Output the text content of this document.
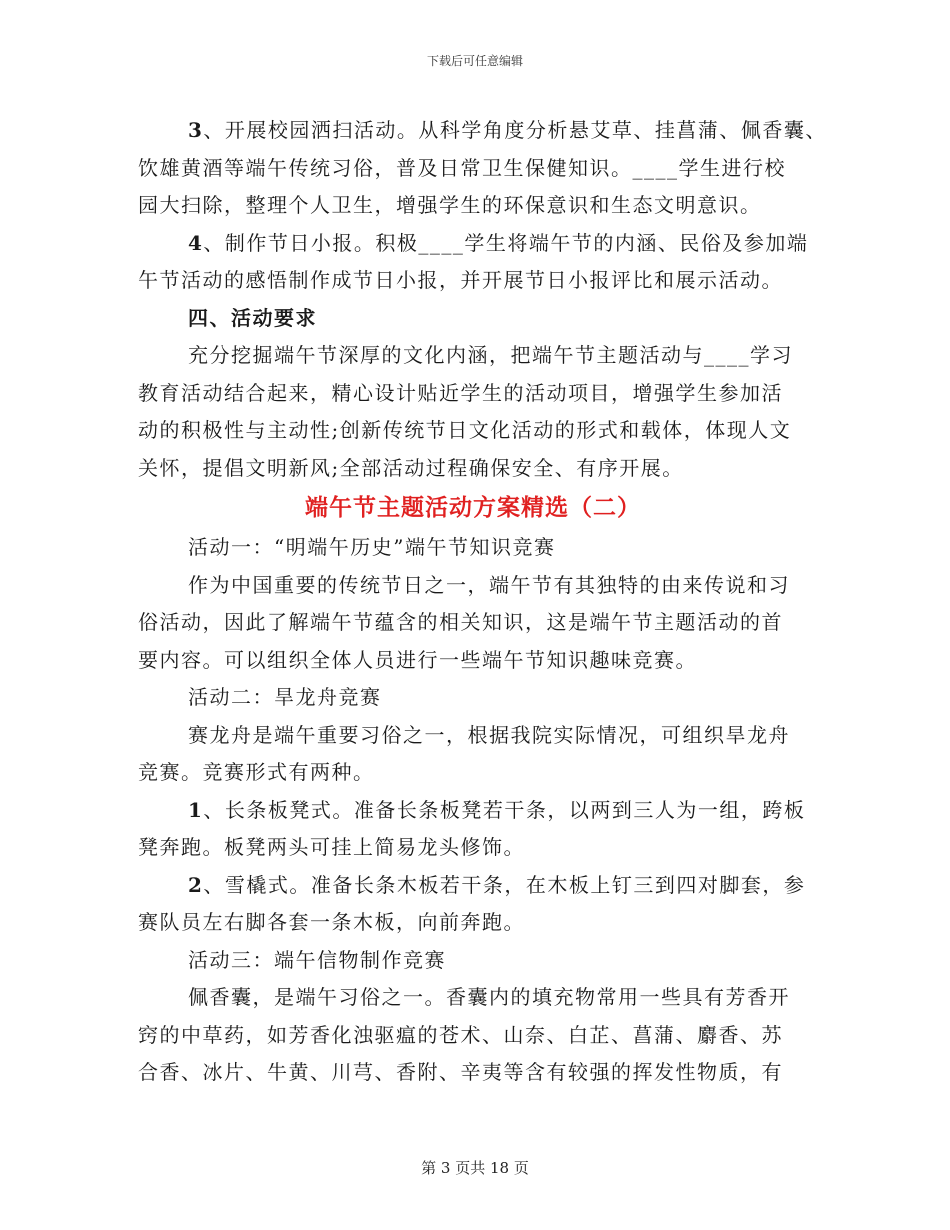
下载后可任意编辑
3、开展校园洒扫活动。从科学角度分析悬艾草、挂菖蒲、佩香囊、
饮雄黄酒等端午传统习俗，普及日常卫生保健知识。____学生进行校
园大扫除，整理个人卫生，增强学生的环保意识和生态文明意识。
4、制作节日小报。积极____学生将端午节的内涵、民俗及参加端
午节活动的感悟制作成节日小报，并开展节日小报评比和展示活动。
四、活动要求
充分挖掘端午节深厚的文化内涵，把端午节主题活动与____学习
教育活动结合起来，精心设计贴近学生的活动项目，增强学生参加活
动的积极性与主动性;创新传统节日文化活动的形式和载体，体现人文
关怀，提倡文明新风;全部活动过程确保安全、有序开展。
端午节主题活动方案精选（二）
活动一：“明端午历史”端午节知识竞赛
作为中国重要的传统节日之一，端午节有其独特的由来传说和习
俗活动，因此了解端午节蕴含的相关知识，这是端午节主题活动的首
要内容。可以组织全体人员进行一些端午节知识趣味竞赛。
活动二：旱龙舟竞赛
赛龙舟是端午重要习俗之一，根据我院实际情况，可组织旱龙舟
竞赛。竞赛形式有两种。
1、长条板凳式。准备长条板凳若干条，以两到三人为一组，跨板
凳奔跑。板凳两头可挂上简易龙头修饰。
2、雪橇式。准备长条木板若干条，在木板上钉三到四对脚套，参
赛队员左右脚各套一条木板，向前奔跑。
活动三：端午信物制作竞赛
佩香囊，是端午习俗之一。香囊内的填充物常用一些具有芳香开
窍的中草药，如芳香化浊驱瘟的苍术、山奈、白芷、菖蒲、麝香、苏
合香、冰片、牛黄、川芎、香附、辛夷等含有较强的挥发性物质，有
第 3 页共 18 页
